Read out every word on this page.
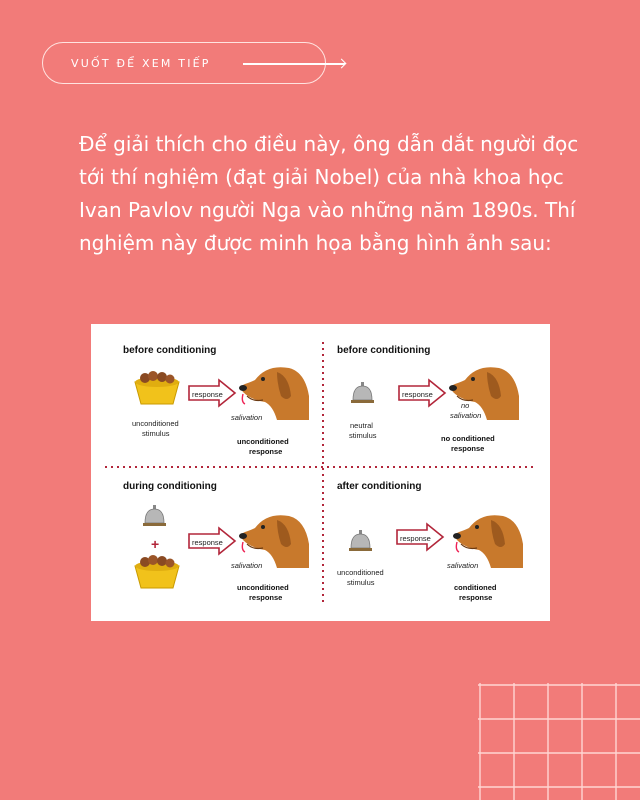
VUỐT ĐỂ XEM TIẾP

Để giải thích cho điều này, ông dẫn dắt người đọc tới thí nghiệm (đạt giải Nobel) của nhà khoa học Ivan Pavlov người Nga vào những năm 1890s. Thí nghiệm này được minh họa bằng hình ảnh sau:

before conditioning
response
salivation
unconditioned
stimulus
unconditioned
response
before conditioning
response
no
salivation
neutral
stimulus	no conditioned
response
during conditioning
+	response
salivation
unconditioned
response
after conditioning
response
salivation
unconditioned
stimulus
conditioned
response
